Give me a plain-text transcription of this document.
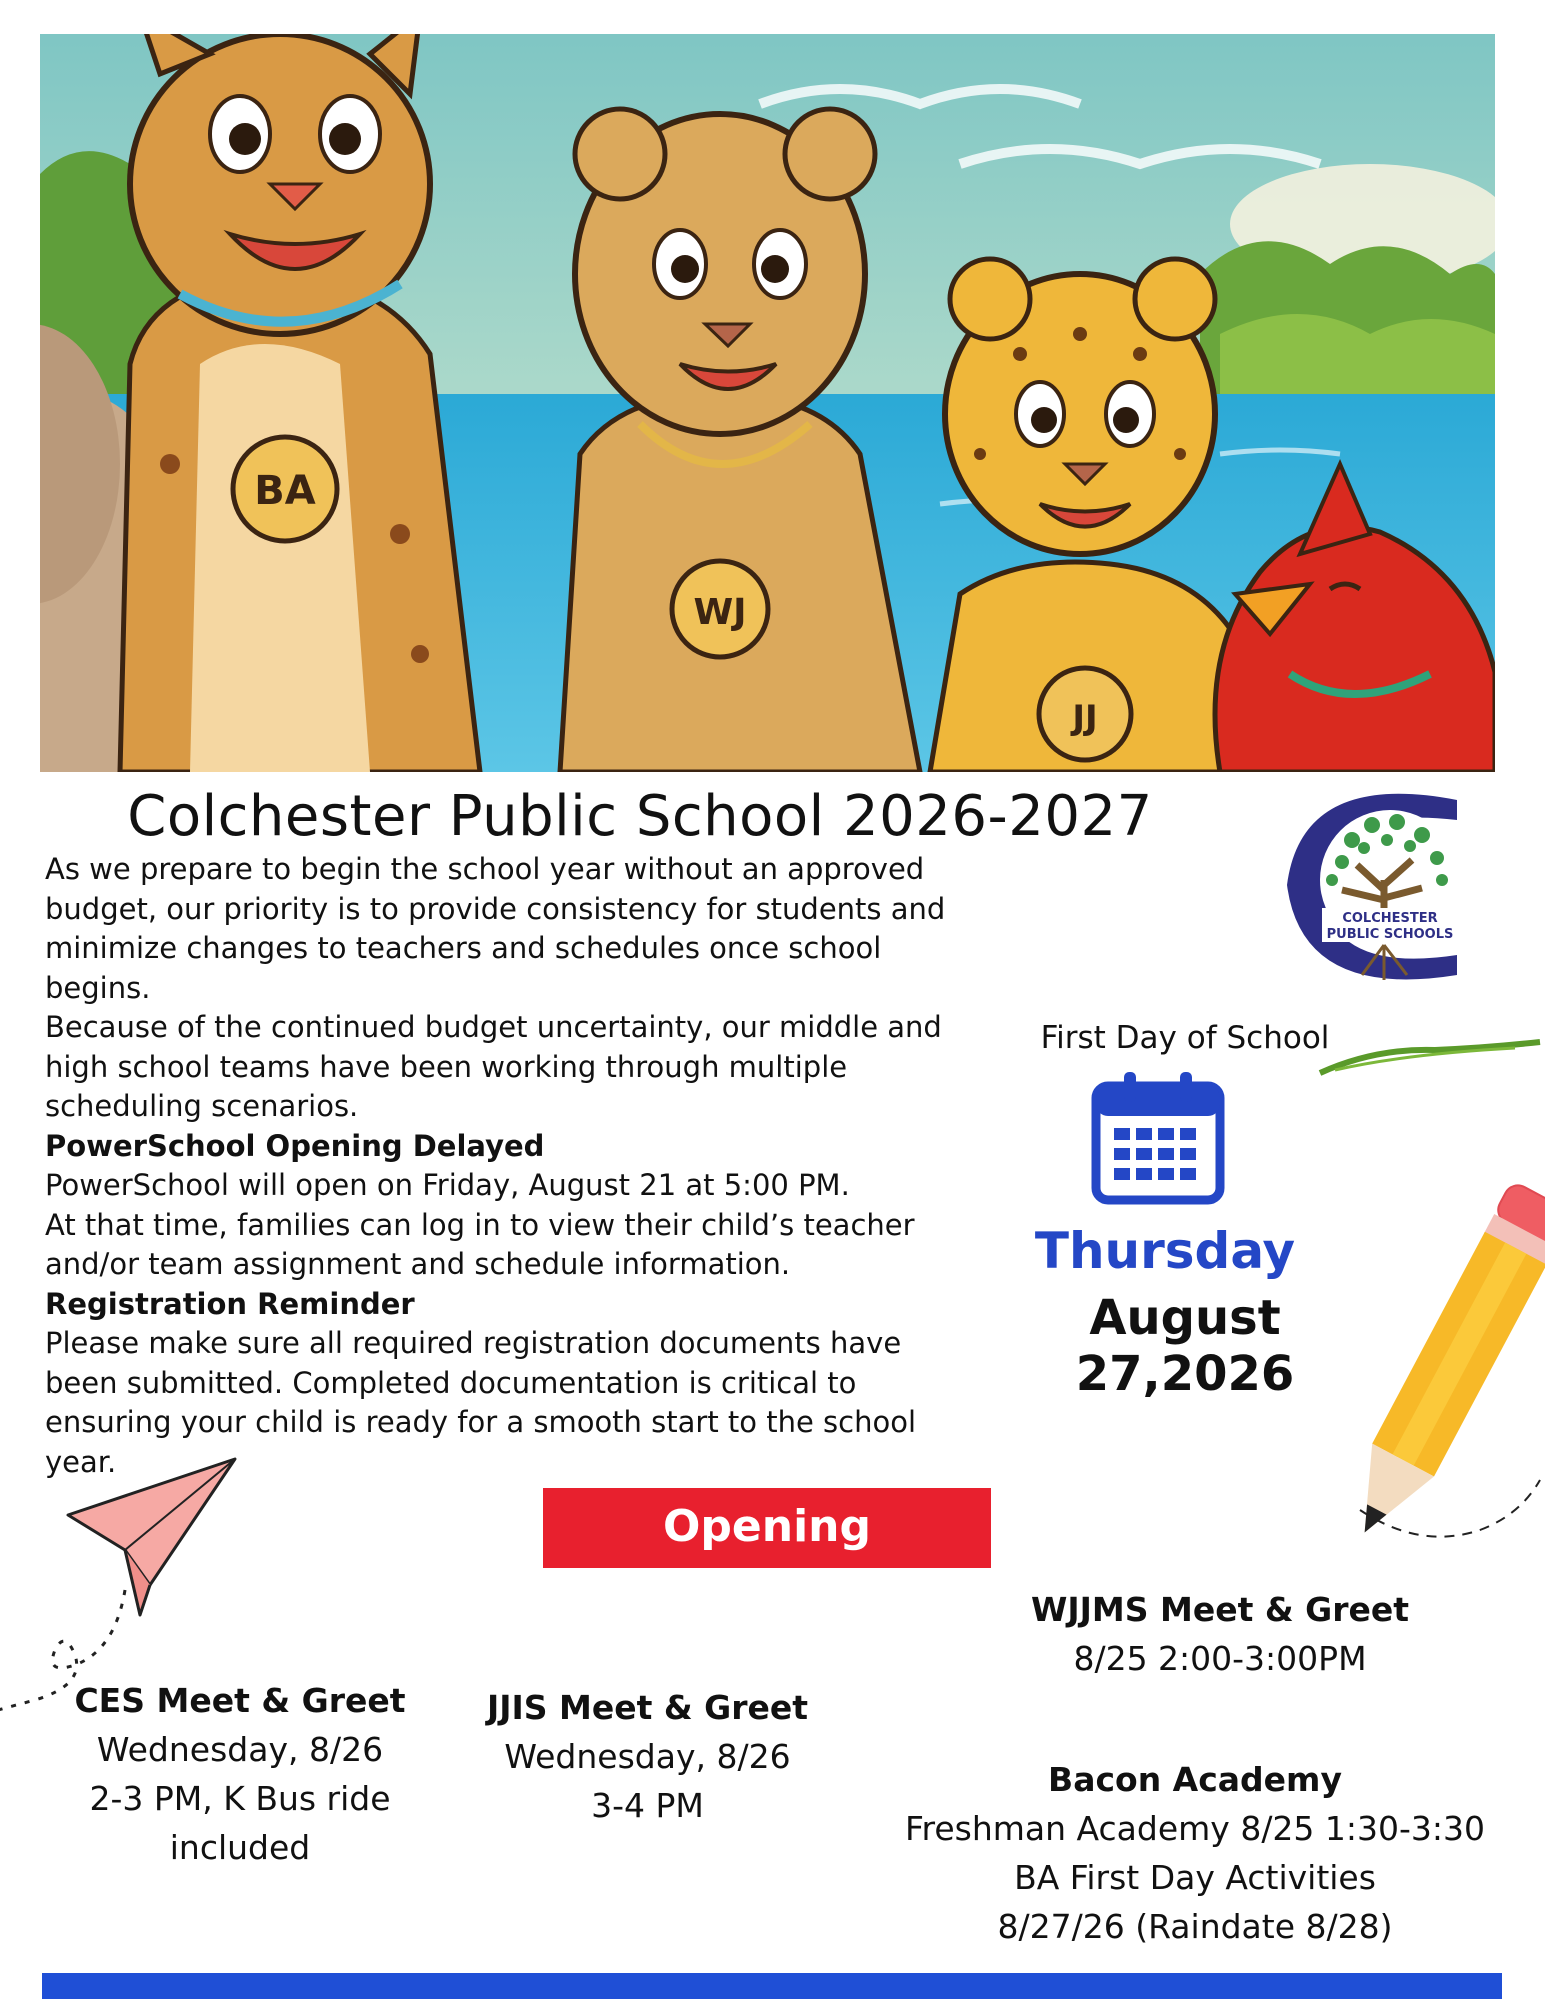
BA
WJ
JJ
Colchester Public School 2026-2027
COLCHESTER
PUBLIC SCHOOLS

As we prepare to begin the school year without an approved budget, our priority is to provide consistency for students and minimize changes to teachers and schedules once school begins.

Because of the continued budget uncertainty, our middle and high school teams have been working through multiple scheduling scenarios.

PowerSchool Opening Delayed

PowerSchool will open on Friday, August 21 at 5:00 PM.

At that time, families can log in to view their child’s teacher and/or team assignment and schedule information.

Registration Reminder

Please make sure all required registration documents have been submitted. Completed documentation is critical to ensuring your child is ready for a smooth start to the school year.

First Day of School
Thursday
August 27,2026
Opening Activities
CES Meet & Greet
Wednesday, 8/26
2-3 PM, K Bus ride included
JJIS Meet & Greet
Wednesday, 8/26
3-4 PM
WJJMS Meet & Greet
8/25 2:00-3:00PM
Bacon Academy
Freshman Academy 8/25 1:30-3:30
BA First Day Activities
8/27/26 (Raindate 8/28)
